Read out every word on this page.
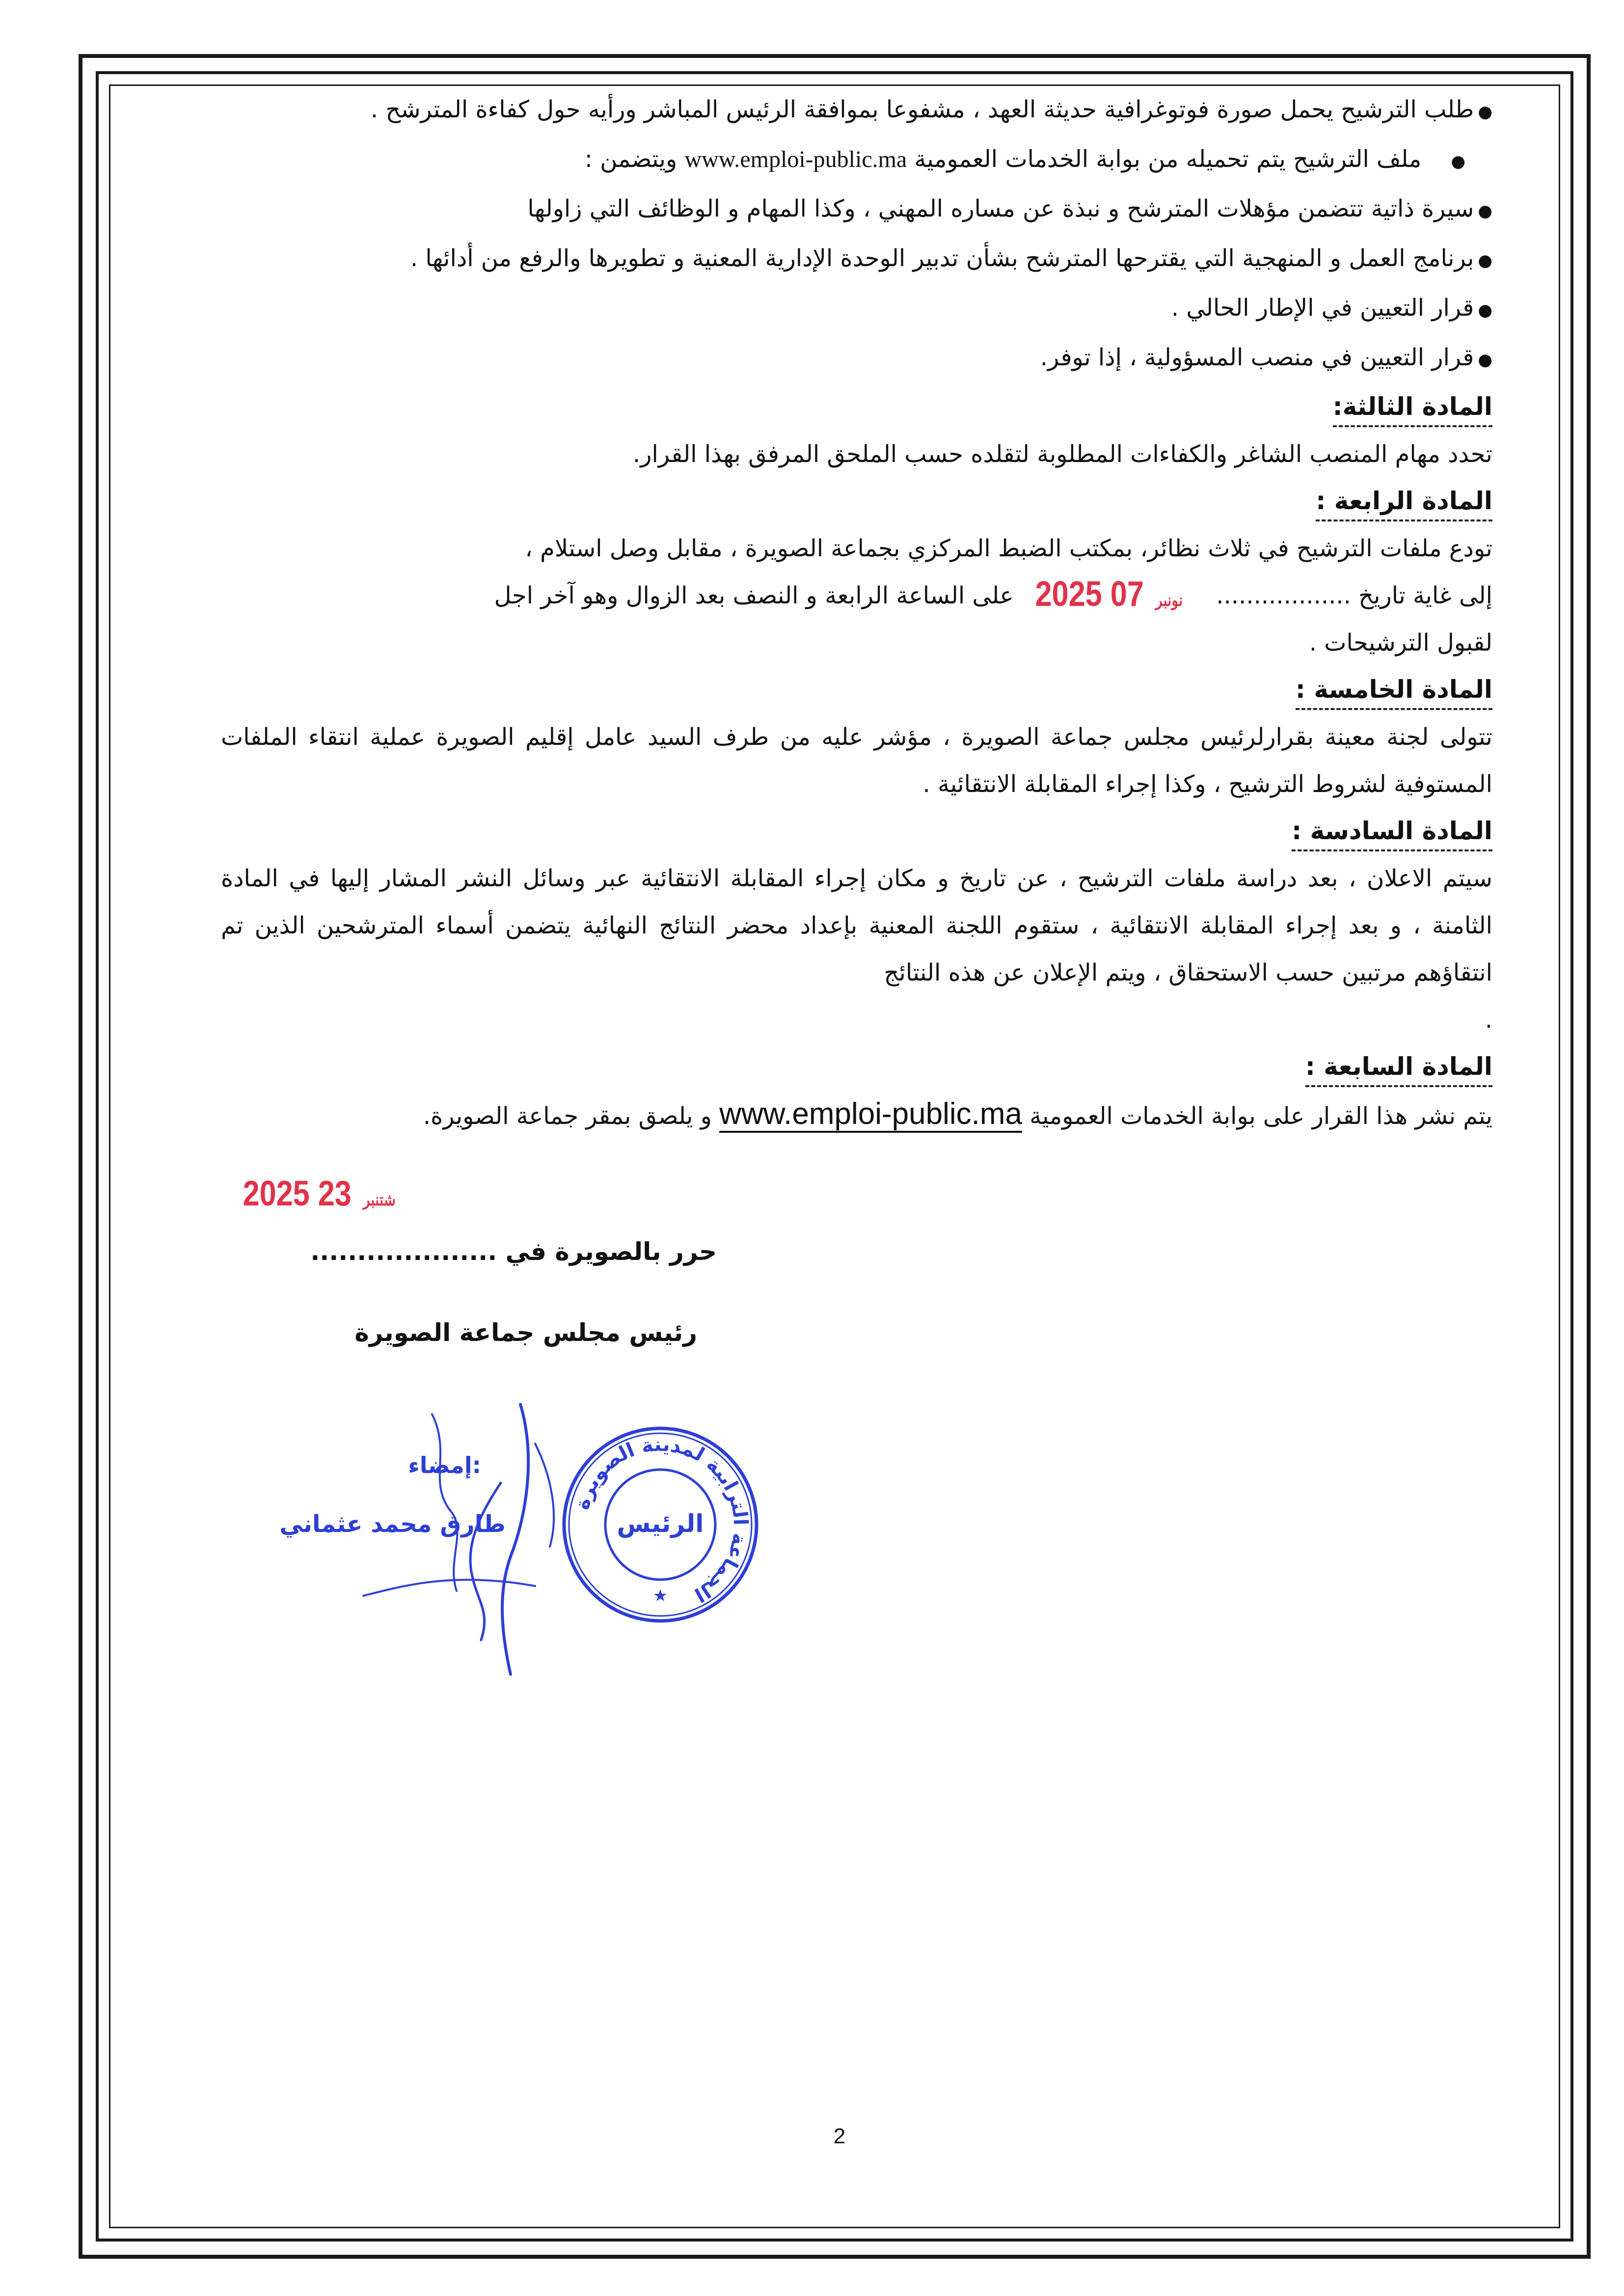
● طلب الترشيح يحمل صورة فوتوغرافية حديثة العهد ، مشفوعا بموافقة الرئيس المباشر ورأيه حول كفاءة المترشح .

● ملف الترشيح يتم تحميله من بوابة الخدمات العمومية www.emploi-public.ma ويتضمن :

● سيرة ذاتية تتضمن مؤهلات المترشح و نبذة عن مساره المهني ، وكذا المهام و الوظائف التي زاولها

● برنامج العمل و المنهجية التي يقترحها المترشح بشأن تدبير الوحدة الإدارية المعنية و تطويرها والرفع من أدائها .

● قرار التعيين في الإطار الحالي .

● قرار التعيين في منصب المسؤولية ، إذا توفر.

المادة الثالثة:

تحدد مهام المنصب الشاغر والكفاءات المطلوبة لتقلده حسب الملحق المرفق بهذا القرار.

المادة الرابعة :

تودع ملفات الترشيح في ثلاث نظائر، بمكتب الضبط المركزي بجماعة الصويرة ، مقابل وصل استلام ،

إلى غاية تاريخ .................. 2025	نونبر07 على الساعة الرابعة و النصف بعد الزوال وهو آخر اجل

لقبول الترشيحات .

المادة الخامسة :

تتولى لجنة معينة بقرارلرئيس مجلس جماعة الصويرة ، مؤشر عليه من طرف السيد عامل إقليم الصويرة عملية انتقاء الملفات المستوفية لشروط الترشيح ، وكذا إجراء المقابلة الانتقائية .

المادة السادسة :

سيتم الاعلان ، بعد دراسة ملفات الترشيح ، عن تاريخ و مكان إجراء المقابلة الانتقائية عبر وسائل النشر المشار إليها في المادة الثامنة ، و بعد إجراء المقابلة الانتقائية ، ستقوم اللجنة المعنية بإعداد محضر النتائج النهائية يتضمن أسماء المترشحين الذين تم انتقاؤهم مرتبين حسب الاستحقاق ، ويتم الإعلان عن هذه النتائج

.

المادة السابعة :

يتم نشر هذا القرار على بوابة الخدمات العمومية www.emploi-public.ma و يلصق بمقر جماعة الصويرة.

2025	شتنبر23
حرر بالصويرة في ....................
رئيس مجلس جماعة الصويرة
الجماعة الترابية لمدينة الصويرة
الرئيس
★
إمضاء:
طارق محمد عثماني
2
